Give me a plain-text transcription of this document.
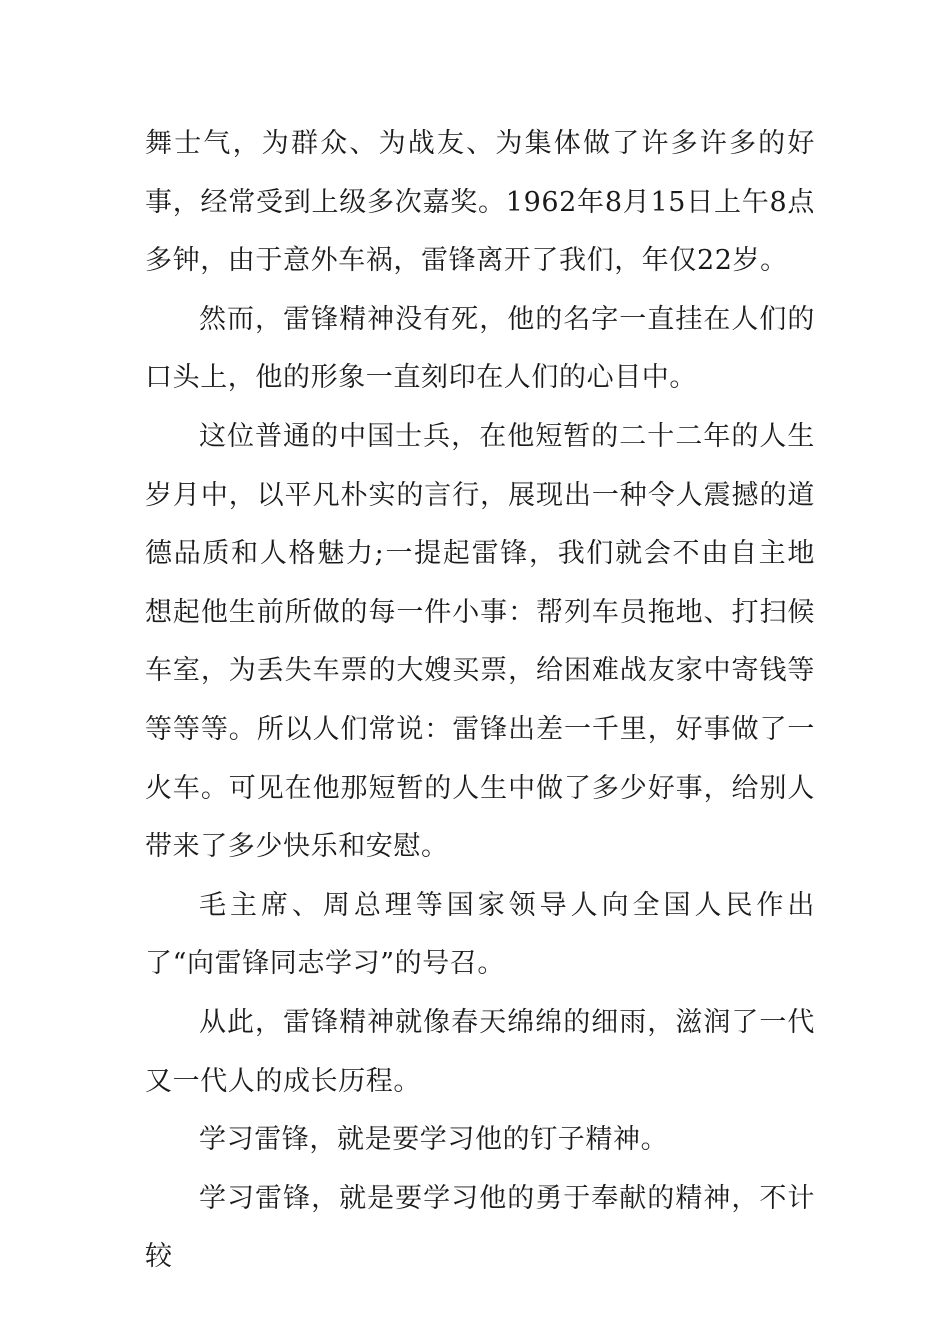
舞士气，为群众、为战友、为集体做了许多许多的好事，经常受到上级多次嘉奖。1962年8月15日上午8点多钟，由于意外车祸，雷锋离开了我们，年仅22岁。

然而，雷锋精神没有死，他的名字一直挂在人们的口头上，他的形象一直刻印在人们的心目中。

这位普通的中国士兵，在他短暂的二十二年的人生岁月中，以平凡朴实的言行，展现出一种令人震撼的道德品质和人格魅力;一提起雷锋，我们就会不由自主地想起他生前所做的每一件小事：帮列车员拖地、打扫候车室，为丢失车票的大嫂买票，给困难战友家中寄钱等等等等。所以人们常说：雷锋出差一千里，好事做了一火车。可见在他那短暂的人生中做了多少好事，给别人带来了多少快乐和安慰。

毛主席、周总理等国家领导人向全国人民作出了“向雷锋同志学习”的号召。

从此，雷锋精神就像春天绵绵的细雨，滋润了一代又一代人的成长历程。

学习雷锋，就是要学习他的钉子精神。

学习雷锋，就是要学习他的勇于奉献的精神，不计较
